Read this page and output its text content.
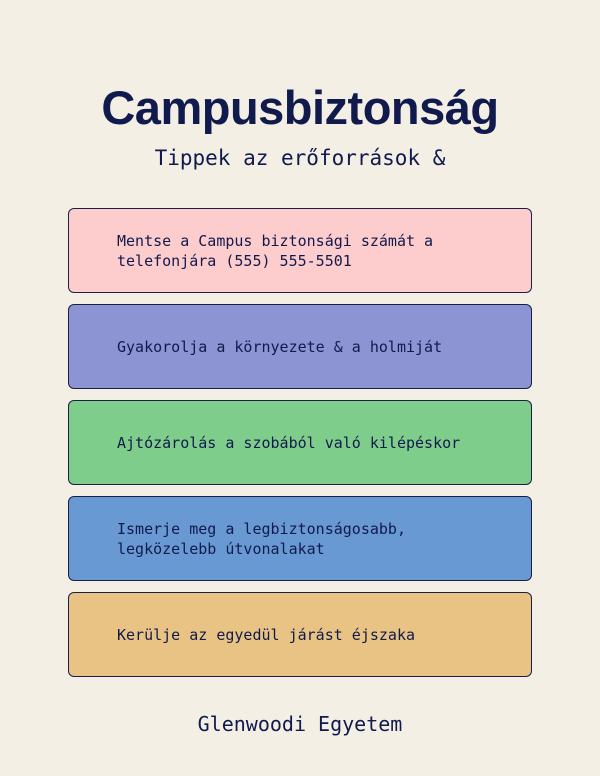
Campusbiztonság
Tippek az erőforrások &
Mentse a Campus biztonsági számát a telefonjára (555) 555-5501
Gyakorolja a környezete & a holmiját
Ajtózárolás a szobából való kilépéskor
Ismerje meg a legbiztonságosabb, legközelebb útvonalakat
Kerülje az egyedül járást éjszaka
Glenwoodi Egyetem
